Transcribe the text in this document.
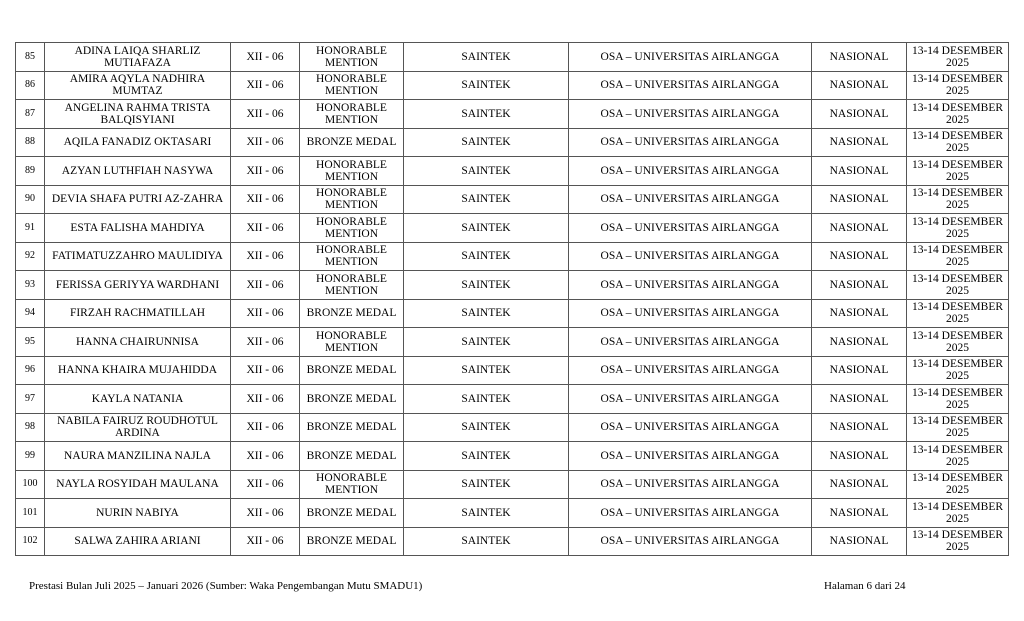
85	ADINA LAIQA SHARLIZ MUTIAFAZA	XII - 06	HONORABLE MENTION	SAINTEK	OSA – UNIVERSITAS AIRLANGGA	NASIONAL	13-14 DESEMBER 2025
86	AMIRA AQYLA NADHIRA MUMTAZ	XII - 06	HONORABLE MENTION	SAINTEK	OSA – UNIVERSITAS AIRLANGGA	NASIONAL	13-14 DESEMBER 2025
87	ANGELINA RAHMA TRISTA BALQISYIANI	XII - 06	HONORABLE MENTION	SAINTEK	OSA – UNIVERSITAS AIRLANGGA	NASIONAL	13-14 DESEMBER 2025
88	AQILA FANADIZ OKTASARI	XII - 06	BRONZE MEDAL	SAINTEK	OSA – UNIVERSITAS AIRLANGGA	NASIONAL	13-14 DESEMBER 2025
89	AZYAN LUTHFIAH NASYWA	XII - 06	HONORABLE MENTION	SAINTEK	OSA – UNIVERSITAS AIRLANGGA	NASIONAL	13-14 DESEMBER 2025
90	DEVIA SHAFA PUTRI AZ-ZAHRA	XII - 06	HONORABLE MENTION	SAINTEK	OSA – UNIVERSITAS AIRLANGGA	NASIONAL	13-14 DESEMBER 2025
91	ESTA FALISHA MAHDIYA	XII - 06	HONORABLE MENTION	SAINTEK	OSA – UNIVERSITAS AIRLANGGA	NASIONAL	13-14 DESEMBER 2025
92	FATIMATUZZAHRO MAULIDIYA	XII - 06	HONORABLE MENTION	SAINTEK	OSA – UNIVERSITAS AIRLANGGA	NASIONAL	13-14 DESEMBER 2025
93	FERISSA GERIYYA WARDHANI	XII - 06	HONORABLE MENTION	SAINTEK	OSA – UNIVERSITAS AIRLANGGA	NASIONAL	13-14 DESEMBER 2025
94	FIRZAH RACHMATILLAH	XII - 06	BRONZE MEDAL	SAINTEK	OSA – UNIVERSITAS AIRLANGGA	NASIONAL	13-14 DESEMBER 2025
95	HANNA CHAIRUNNISA	XII - 06	HONORABLE MENTION	SAINTEK	OSA – UNIVERSITAS AIRLANGGA	NASIONAL	13-14 DESEMBER 2025
96	HANNA KHAIRA MUJAHIDDA	XII - 06	BRONZE MEDAL	SAINTEK	OSA – UNIVERSITAS AIRLANGGA	NASIONAL	13-14 DESEMBER 2025
97	KAYLA NATANIA	XII - 06	BRONZE MEDAL	SAINTEK	OSA – UNIVERSITAS AIRLANGGA	NASIONAL	13-14 DESEMBER 2025
98	NABILA FAIRUZ ROUDHOTUL ARDINA	XII - 06	BRONZE MEDAL	SAINTEK	OSA – UNIVERSITAS AIRLANGGA	NASIONAL	13-14 DESEMBER 2025
99	NAURA MANZILINA NAJLA	XII - 06	BRONZE MEDAL	SAINTEK	OSA – UNIVERSITAS AIRLANGGA	NASIONAL	13-14 DESEMBER 2025
100	NAYLA ROSYIDAH MAULANA	XII - 06	HONORABLE MENTION	SAINTEK	OSA – UNIVERSITAS AIRLANGGA	NASIONAL	13-14 DESEMBER 2025
101	NURIN NABIYA	XII - 06	BRONZE MEDAL	SAINTEK	OSA – UNIVERSITAS AIRLANGGA	NASIONAL	13-14 DESEMBER 2025
102	SALWA ZAHIRA ARIANI	XII - 06	BRONZE MEDAL	SAINTEK	OSA – UNIVERSITAS AIRLANGGA	NASIONAL	13-14 DESEMBER 2025
Prestasi Bulan Juli 2025 – Januari 2026 (Sumber: Waka Pengembangan Mutu SMADU1)	Halaman 6 dari 24
